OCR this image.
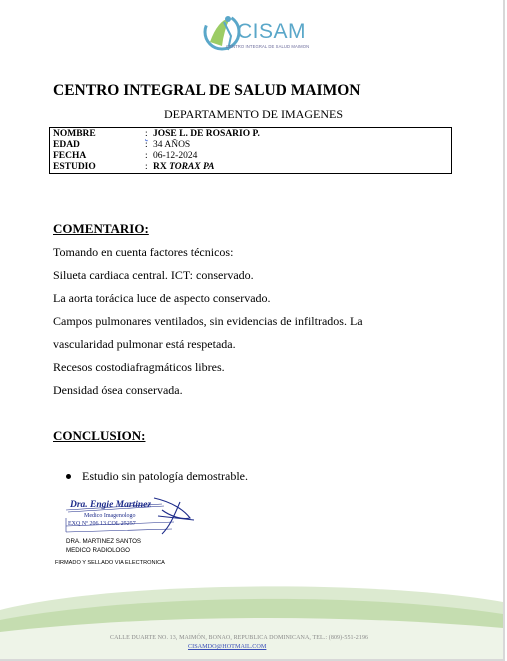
CISAM
CENTRO INTEGRAL DE SALUD MAIMON
CENTRO INTEGRAL DE SALUD MAIMON
DEPARTAMENTO DE IMAGENES
NOMBRE	: JOSE L. DE ROSARIO P.
EDAD	: 34 AÑOS
FECHA	: 06-12-2024
ESTUDIO	: RX TORAX PA
COMENTARIO:
Tomando en cuenta factores técnicos:
Silueta cardiaca central. ICT: conservado.
La aorta torácica luce de aspecto conservado.
Campos pulmonares ventilados, sin evidencias de infiltrados. La
vascularidad pulmonar está respetada.
Recesos costodiafragmáticos libres.
Densidad ósea conservada.
CONCLUSION:
Estudio sin patología demostrable.
Dra. Engie Martinez
Medico Imagenologo
EXQ Nº 206 13 COL 25257
DRA. MARTINEZ SANTOS
MEDICO RADIOLOGO
FIRMADO Y SELLADO VIA ELECTRONICA
CALLE DUARTE NO. 13, MAIMÓN, BONAO, REPUBLICA DOMINICANA, TEL.: (809)-551-2196
CISAMDO@HOTMAIL.COM
